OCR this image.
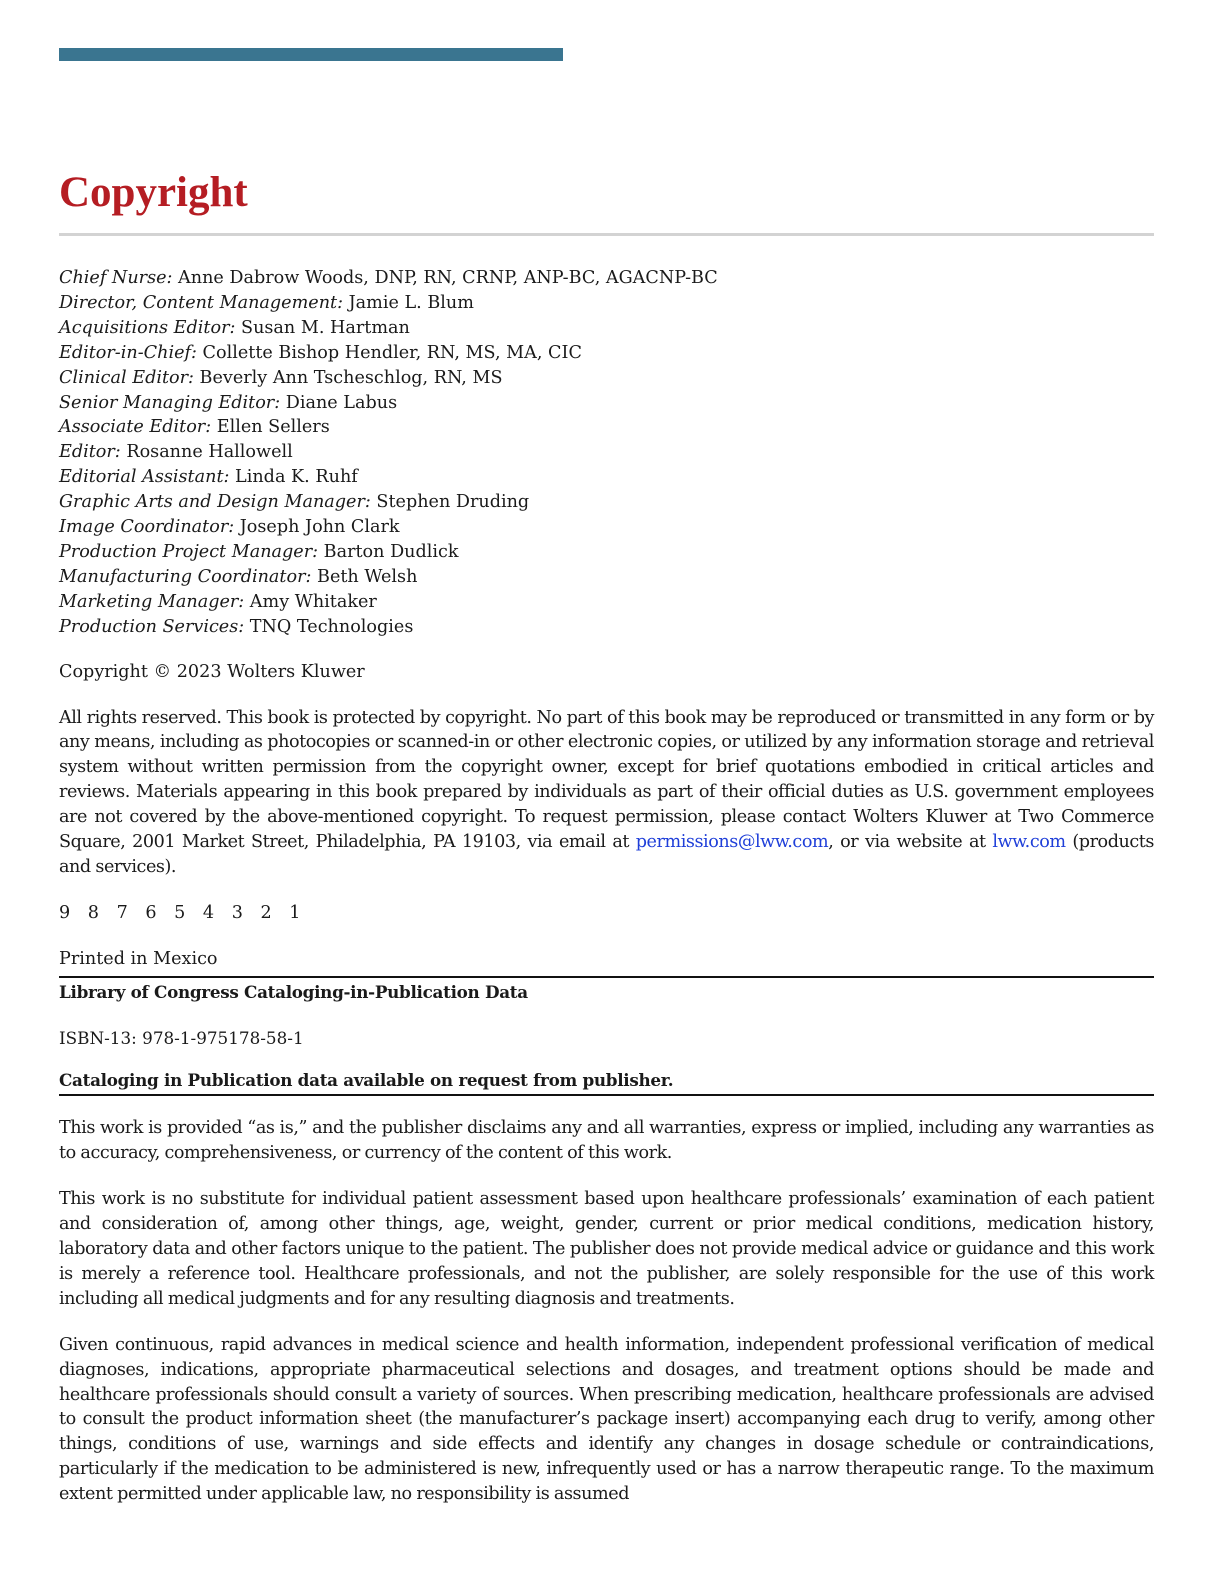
Copyright
Chief Nurse: Anne Dabrow Woods, DNP, RN, CRNP, ANP-BC, AGACNP-BC
Director, Content Management: Jamie L. Blum
Acquisitions Editor: Susan M. Hartman
Editor-in-Chief: Collette Bishop Hendler, RN, MS, MA, CIC
Clinical Editor: Beverly Ann Tscheschlog, RN, MS
Senior Managing Editor: Diane Labus
Associate Editor: Ellen Sellers
Editor: Rosanne Hallowell
Editorial Assistant: Linda K. Ruhf
Graphic Arts and Design Manager: Stephen Druding
Image Coordinator: Joseph John Clark
Production Project Manager: Barton Dudlick
Manufacturing Coordinator: Beth Welsh
Marketing Manager: Amy Whitaker
Production Services: TNQ Technologies

Copyright © 2023 Wolters Kluwer

All rights reserved. This book is protected by copyright. No part of this book may be reproduced or transmitted in any form or by any means, including as photocopies or scanned-in or other electronic copies, or utilized by any information storage and retrieval system without written permission from the copyright owner, except for brief quotations embodied in critical articles and reviews. Materials appearing in this book prepared by individuals as part of their official duties as U.S. government employees are not covered by the above-mentioned copyright. To request permission, please contact Wolters Kluwer at Two Commerce Square, 2001 Market Street, Philadelphia, PA 19103, via email at permissions@lww.com, or via website at lww.com (products and services).

9 8 7 6 5 4 3 2 1

Printed in Mexico

Library of Congress Cataloging-in-Publication Data

ISBN-13: 978-1-975178-58-1

Cataloging in Publication data available on request from publisher.

This work is provided “as is,” and the publisher disclaims any and all warranties, express or implied, including any warranties as to accuracy, comprehensiveness, or currency of the content of this work.

This work is no substitute for individual patient assessment based upon healthcare professionals’ examination of each patient and consideration of, among other things, age, weight, gender, current or prior medical conditions, medication history, laboratory data and other factors unique to the patient. The publisher does not provide medical advice or guidance and this work is merely a reference tool. Healthcare professionals, and not the publisher, are solely responsible for the use of this work including all medical judgments and for any resulting diagnosis and treatments.

Given continuous, rapid advances in medical science and health information, independent professional verification of medical diagnoses, indications, appropriate pharmaceutical selections and dosages, and treatment options should be made and healthcare professionals should consult a variety of sources. When prescribing medication, healthcare professionals are advised to consult the product information sheet (the manufacturer’s package insert) accompanying each drug to verify, among other things, conditions of use, warnings and side effects and identify any changes in dosage schedule or contraindications, particularly if the medication to be administered is new, infrequently used or has a narrow therapeutic range. To the maximum extent permitted under applicable law, no responsibility is assumed
